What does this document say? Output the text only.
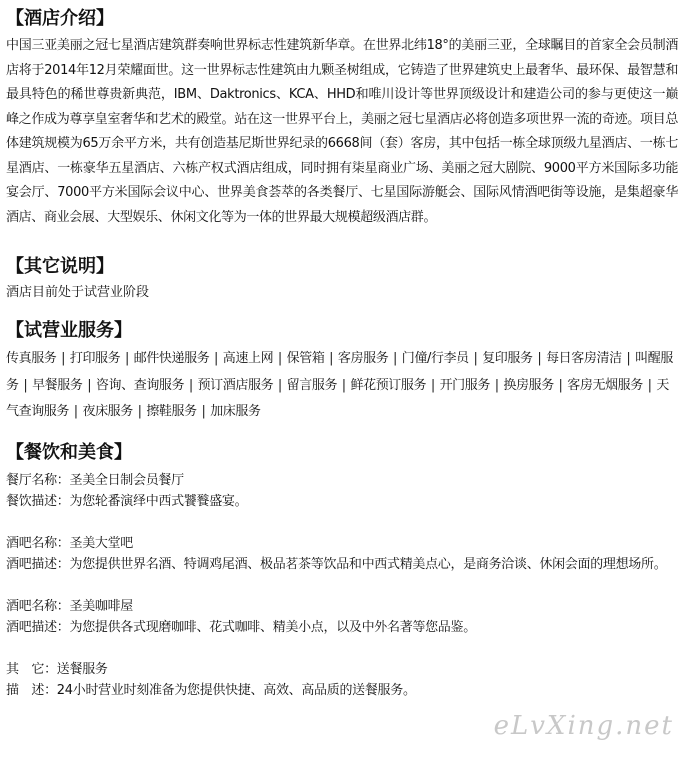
【酒店介绍】

中国三亚美丽之冠七星酒店建筑群奏响世界标志性建筑新华章。在世界北纬18°的美丽三亚，全球瞩目的首家全会员制酒店将于2014年12月荣耀面世。这一世界标志性建筑由九颗圣树组成，它铸造了世界建筑史上最奢华、最环保、最智慧和最具特色的稀世尊贵新典范，IBM、Daktronics、KCA、HHD和唯川设计等世界顶级设计和建造公司的参与更使这一巅峰之作成为尊享皇室奢华和艺术的殿堂。站在这一世界平台上，美丽之冠七星酒店必将创造多项世界一流的奇迹。项目总体建筑规模为65万余平方米，共有创造基尼斯世界纪录的6668间（套）客房，其中包括一栋全球顶级九星酒店、一栋七星酒店、一栋豪华五星酒店、六栋产权式酒店组成，同时拥有柒星商业广场、美丽之冠大剧院、9000平方米国际多功能宴会厅、7000平方米国际会议中心、世界美食荟萃的各类餐厅、七星国际游艇会、国际风情酒吧街等设施，是集超豪华酒店、商业会展、大型娱乐、休闲文化等为一体的世界最大规模超级酒店群。

【其它说明】

酒店目前处于试营业阶段

【试营业服务】

传真服务 | 打印服务 | 邮件快递服务 | 高速上网 | 保管箱 | 客房服务 | 门僮/行李员 | 复印服务 | 每日客房清洁 | 叫醒服务 | 早餐服务 | 咨询、查询服务 | 预订酒店服务 | 留言服务 | 鲜花预订服务 | 开门服务 | 换房服务 | 客房无烟服务 | 天气查询服务 | 夜床服务 | 擦鞋服务 | 加床服务

【餐饮和美食】

餐厅名称：圣美全日制会员餐厅

餐饮描述：为您轮番演绎中西式饕餮盛宴。

酒吧名称：圣美大堂吧

酒吧描述：为您提供世界名酒、特调鸡尾酒、极品茗茶等饮品和中西式精美点心，是商务洽谈、休闲会面的理想场所。

酒吧名称：圣美咖啡屋

酒吧描述：为您提供各式现磨咖啡、花式咖啡、精美小点，以及中外名著等您品鉴。

其　它：送餐服务

描　述：24小时营业时刻准备为您提供快捷、高效、高品质的送餐服务。

eLvXing.net
